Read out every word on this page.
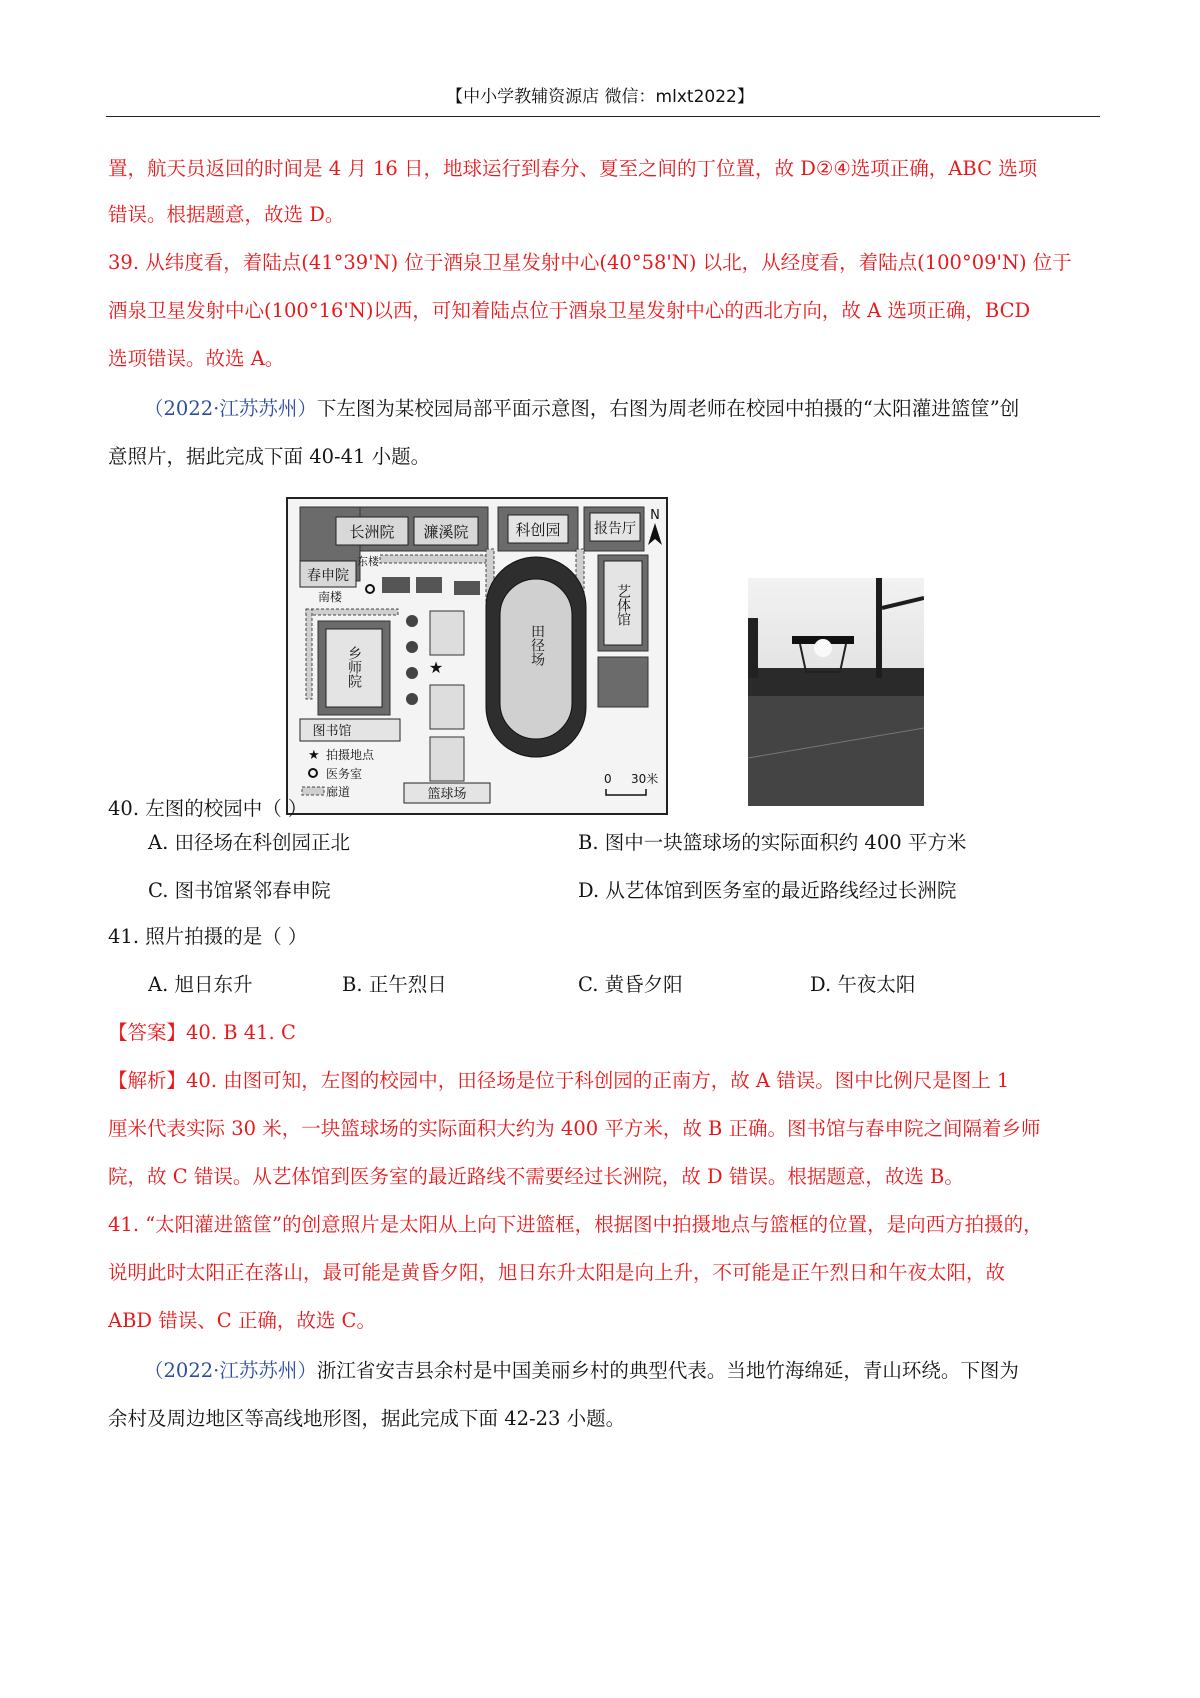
【中小学教辅资源店 微信：mlxt2022】
置，航天员返回的时间是 4 月 16 日，地球运行到春分、夏至之间的丁位置，故 D②④选项正确，ABC 选项
错误。根据题意，故选 D。
39. 从纬度看，着陆点(41°39'N) 位于酒泉卫星发射中心(40°58'N) 以北，从经度看，着陆点(100°09'N) 位于
酒泉卫星发射中心(100°16'N)以西，可知着陆点位于酒泉卫星发射中心的西北方向，故 A 选项正确，BCD
选项错误。故选 A。
（2022·江苏苏州）下左图为某校园局部平面示意图，右图为周老师在校园中拍摄的“太阳灌进篮筐”创
意照片，据此完成下面 40-41 小题。
长洲院 濂溪院	科创园 报告厅
N
春申院
南楼
东楼
艺体馆
乡师院	★
田径场
图书馆
★ 拍摄地点
医务室
廊道	篮球场
0 30米
40. 左图的校园中（ ）
A. 田径场在科创园正北	B. 图中一块篮球场的实际面积约 400 平方米
C. 图书馆紧邻春申院	D. 从艺体馆到医务室的最近路线经过长洲院
41. 照片拍摄的是（ ）
A. 旭日东升	B. 正午烈日	C. 黄昏夕阳	D. 午夜太阳
【答案】40. B 41. C
【解析】40. 由图可知，左图的校园中，田径场是位于科创园的正南方，故 A 错误。图中比例尺是图上 1
厘米代表实际 30 米，一块篮球场的实际面积大约为 400 平方米，故 B 正确。图书馆与春申院之间隔着乡师
院，故 C 错误。从艺体馆到医务室的最近路线不需要经过长洲院，故 D 错误。根据题意，故选 B。
41. “太阳灌进篮筐”的创意照片是太阳从上向下进篮框，根据图中拍摄地点与篮框的位置，是向西方拍摄的，
说明此时太阳正在落山，最可能是黄昏夕阳，旭日东升太阳是向上升，不可能是正午烈日和午夜太阳，故
ABD 错误、C 正确，故选 C。
（2022·江苏苏州）浙江省安吉县余村是中国美丽乡村的典型代表。当地竹海绵延，青山环绕。下图为
余村及周边地区等高线地形图，据此完成下面 42-23 小题。
